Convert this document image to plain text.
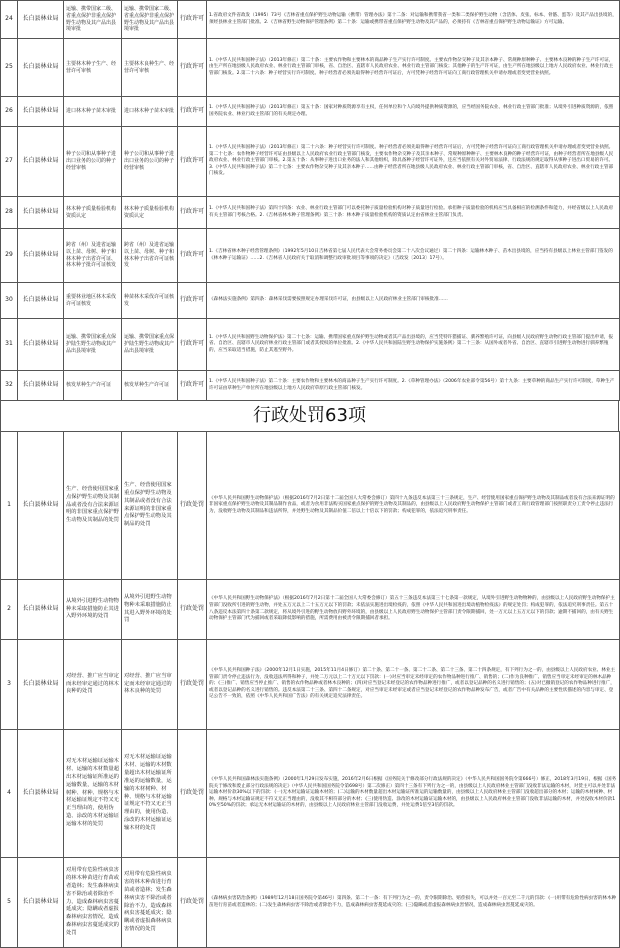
24	长白县林业局	运输、携带国家二级、省重点保护非重点保护野生动物及其产品出县境审批	运输、携带国家二级、省重点保护非重点保护野生动物及其产品出县境审批	行政许可	1.省政府文件省政发（1995）73号《吉林省重点保护野生动物运输（携带）管理办法》第十二条：对运输和携带我省一类和二类保护野生动物（含活体、皮张、标本、骨骼、蛋等）及其产品出县境的，须经县林业主管部门批准。2.《吉林省野生动物保护管理条例》第二十条：运输或携带省重点保护野生动物及其产品的，必须持有《吉林省重点保护野生动物运输证》方可运输。
25	长白县林业局	主要林木种子生产、经营许可审核	主要林木良种生产、经营许可审核	行政许可	1.《中华人民共和国种子法》（2013年修正）第二十条：主要农作物和主要林木的商品种子生产实行许可制度。主要农作物杂交种子及其亲本种子、常规种原种种子、主要林木良种的种子生产许可证，由生产所在地县级人民政府农业、林业行政主管部门审核，省、自治区、直辖市人民政府农业、林业行政主管部门核发；其他种子的生产许可证，由生产所在地县级以上地方人民政府农业、林业行政主管部门核发。2.第二十六条：种子经营实行许可制度。种子经营者必须先取得种子经营许可证后，方可凭种子经营许可证向工商行政管理机关申请办理或者变更营业执照。
26	长白县林业局	进口林木种子苗木审批	进口林木种子苗木审批	行政许可	1.《中华人民共和国种子法》（2013年修正）第五十条：国家对种质资源享有主权，任何单位和个人向境外提供种质资源的，应当经国务院农业、林业行政主管部门批准；从境外引进种质资源的，依照国务院农业、林业行政主管部门的有关规定办理。
27	长白县林业局	种子公司和从事种子进出口业务的公司的种子经营审核	种子公司和从事种子进出口业务的公司的种子经营审核	行政许可	1.《中华人民共和国种子法》（2013年修正）第二十六条：种子经营实行许可制度。种子经营者必须先取得种子经营许可证后，方可凭种子经营许可证向工商行政管理机关申请办理或者变更营业执照。第二十七条：农作物种子经营许可证由县级以上人民政府农业行政主管部门核发，主要农作物杂交种子及其亲本种子、常规种原种种子、主要林木良种的种子经营许可证，由种子经营者所在地县级人民政府农业、林业行政主管部门审核。2.第五十条：从事种子进出口业务的法人和其他组织，除具备种子经营许可证外，还应当依照有关对外贸易法律、行政法规的规定取得从事种子进出口贸易的许可。3.《中华人民共和国种子法》第二十七条：主要农作物杂交种子及其亲本种子……由种子经营者所在地县级人民政府农业、林业行政主管部门审核，省、自治区、直辖市人民政府农业、林业行政主管部门核发。
28	长白县林业局	林木种子质量检验机构资质认定	林木种子质量检验机构资质认定	行政许可	1.《中华人民共和国种子法》第四十四条：农业、林业行政主管部门可以委托种子质量检验机构对种子质量进行检验。承担种子质量检验的机构应当具备相应的检测条件和能力，并经省级以上人民政府有关主管部门考核合格。2.《吉林省林木种子管理条例》第三十条：林木种子质量检验机构的资质认定由省林业主管部门负责。
29	长白县林业局	跨省（州）及进省运输以上苗、母树、种子和林木种子出省许可证、林木种子批许可证核发	跨省（州）及进省运输以上苗、母树、种子和林木种子出省许可证核发	行政许可	1.《吉林省林木种子经营管理条例》（1992年5月10日吉林省第七届人民代表大会常务委员会第二十八次会议通过）第二十四条：运输林木种子、苗木出县境的，应当持有县级以上林业主管部门签发的《林木种子运输证》……2.《吉林省人民政府关于取消和调整行政审批项目等事项的决定》（吉政发〔2013〕17号）。
30	长白县林业局	重要林业地区林木采伐许可证核发	种苗林木采伐许可证核发	行政许可	《森林法实施条例》第四条：森林采伐需要按照规定办理采伐许可证，由县级以上人民政府林业主管部门审核批准……
31	长白县林业局	运输、携带国家重点保护陆生野生动物或其产品出县境审批	运输、携带国家重点保护陆生野生动物或其产品出县境审批	行政许可	1.《中华人民共和国野生动物保护法》第二十七条：运输、携带国家重点保护野生动物或者其产品出县境的，应当凭特许猎捕证、驯养繁殖许可证，向县级人民政府野生动物行政主管部门提出申请，报省、自治区、直辖市人民政府林业行政主管部门或者其授权的单位批准。2.《中华人民共和国陆生野生动物保护实施条例》第二十三条：从国外或者外省、自治区、直辖市引进野生动物进行驯养繁殖的，应当采取适当措施，防止其逃至野外。
32	长白县林业局	核发草种生产许可证	核发草种生产许可证	行政许可	1.《中华人民共和国种子法》第二十条：主要农作物和主要林木的商品种子生产实行许可制度。2.《草种管理办法》（2006年农业部令第56号）第十九条：主要草种的商品生产实行许可制度，草种生产许可证由草种生产单位所在地县级以上地方人民政府草原行政主管部门核发。
行政处罚63项
1	长白县林业局	生产、经营使用国家重点保护野生动物及其制品或者没有合法来源证明的非国家重点保护野生动物及其制品的处罚	生产、经营使用国家重点保护野生动物及其制品或者没有合法来源证明的非国家重点保护野生动物及其制品的处罚	行政处罚	《中华人民共和国野生动物保护法》（根据2016年7月2日第十二届全国人大常委会修订）第四十九条违反本法第三十三条规定，生产、经营使用国家重点保护野生动物及其制品或者没有合法来源证明的非国家重点保护野生动物及其制品制作食品，或者为食用非法购买国家重点保护的野生动物及其制品的，由县级以上人民政府野生动物保护主管部门或者工商行政管理部门按照职责分工责令停止违法行为，没收野生动物及其制品和违法所得，并处野生动物及其制品价值二倍以上十倍以下的罚款；构成犯罪的，依法追究刑事责任。
2	长白县林业局	从境外引进野生动物物种未采取措施防止其进入野外环境的处罚	从境外引进野生动物物种未采取措施防止其进入野外环境的处罚	行政处罚	《中华人民共和国野生动物保护法》（根据2016年7月2日第十二届全国人大常委会修订）第五十三条违反本法第三十七条第一款规定，从境外引进野生动物物种的，由县级以上人民政府野生动物保护主管部门没收所引进的野生动物，并处五万元以上二十五万元以下的罚款；未依法实施进出境检疫的，依照《中华人民共和国进出境动植物检疫法》的规定处罚；构成犯罪的，依法追究刑事责任。第五十八条违反本法第四十条第二款规定，将从境外引进的野生动物放归野外环境的，由县级以上人民政府野生动物保护主管部门责令限期捕回，处一万元以上五万元以下的罚款；逾期不捕回的，由有关野生动物保护主管部门代为捕回或者采取降低影响的措施，所需费用由被责令限期捕回者承担。
3	长白县林业局	对经营、推广应当审定而未经审定通过的林木良种的处罚	对经营、推广应当审定而未经审定通过的林木良种的处罚	行政处罚	《中华人民共和国种子法》（2000年12月1日实施，2015年11月4日修订）第二十条、第二十一条、第二十二条、第二十三条、第二十四条规定，有下列行为之一的，由县级以上人民政府农业、林业主管部门责令停止违法行为，没收违法所得和种子，并处二万元以上二十万元以下罚款：(一)对应当审定未经审定的农作物品种进行推广、销售的；(二)作为良种推广、销售应当审定未经审定的林木品种的；(三)推广、销售应当停止推广、销售的农作物品种或者林木良种的；(四)对应当登记未经登记的农作物品种进行推广，或者以登记品种的名义进行销售的；(五)对已撤销登记的农作物品种进行推广，或者以登记品种的名义进行销售的。违反本法第二十三条、第四十二条规定，对应当审定未经审定或者应当登记未经登记的农作物品种发布广告，或者广告中有关品种的主要性状描述的内容与审定、登记公告不一致的，依照《中华人民共和国广告法》的有关规定追究法律责任。
4	长白县林业局	对无木材运输证运输木材、运输的木材数量超出木材运输证所准运的运输数量，运输的木材树种、材种、规格与木材运输证规定不符又无正当理由的，使用伪造、涂改的木材运输证运输木材的处罚	对无木材运输证运输木材、运输的木材数量超出木材运输证所准运的运输数量，运输的木材树种、材种、规格与木材运输证规定不符又无正当理由的，使用伪造、涂改的木材运输证运输木材的处罚	行政处罚	《中华人民共和国森林法实施条例》（2000年1月29日发布实施，2016年2月6日根据《国务院关于修改部分行政法规的决定》（中华人民共和国国务院令第666号）修正，2018年3月19日，根据《国务院关于修改和废止部分行政法规的决定》（中华人民共和国国务院令第698号）第二次修正）第四十三条有下列行为之一的，由县级以上人民政府林业主管部门没收非法运输的木材，对货主可以并处非法运输木材价款30%以下的罚款：(一)无木材运输证运输木材的；(二)运输的木材数量超出木材运输证所准运的运输数量的，由县级以上人民政府林业主管部门没收超出部分的木材；运输的木材树种、材种、规格与木材运输证规定不符又无正当理由的，没收其不相符部分的木材；(三)使用伪造、涂改的木材运输证运输木材的，由县级以上人民政府林业主管部门没收非法运输的木材，并处没收木材价款10%至50%的罚款；承运无木材运输证的木材的，由县级以上人民政府林业主管部门没收运费，并处运费1倍至3倍的罚款。
5	长白县林业局	对用带有危险性病虫害的林木种苗进行育苗或者造林；发生森林病虫害不除治或者除治不力，造成森林病虫害蔓延成灾；隐瞒或者虚报森林病虫害情况，造成森林病虫害蔓延成灾的处罚	对用带有危险性病虫害的林木种苗进行育苗或者造林；发生森林病虫害不除治或者除治不力，造成森林病虫害蔓延成灾；隐瞒或者虚报森林病虫害情况的处罚	行政处罚	《森林病虫害防治条例》（1989年12月18日国务院令第46号）第四条、第二十一条：有下列行为之一的，责令限期除治、赔偿损失，可以并处一百元至二千元的罚款：(一)用带有危险性病虫害的林木种苗进行育苗或者造林的；(二)发生森林病虫害不除治或者除治不力，造成森林病虫害蔓延成灾的；(三)隐瞒或者虚报森林病虫害情况，造成森林病虫害蔓延成灾的。
